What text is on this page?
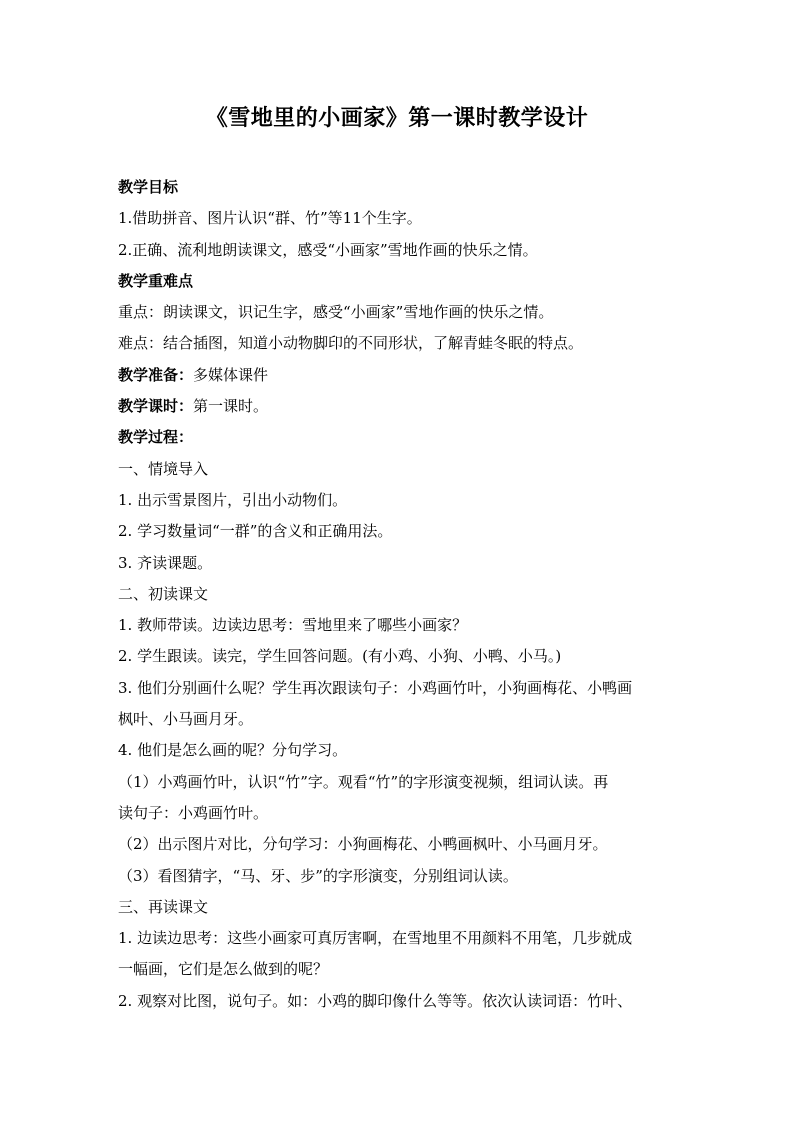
《雪地里的小画家》第一课时教学设计
教学目标
1.借助拼音、图片认识“群、竹”等11个生字。
2.正确、流利地朗读课文，感受“小画家”雪地作画的快乐之情。
教学重难点
重点：朗读课文，识记生字，感受“小画家”雪地作画的快乐之情。
难点：结合插图，知道小动物脚印的不同形状，了解青蛙冬眠的特点。
教学准备：多媒体课件
教学课时：第一课时。
教学过程：
一、情境导入
1. 出示雪景图片，引出小动物们。
2. 学习数量词“一群”的含义和正确用法。
3. 齐读课题。
二、初读课文
1. 教师带读。边读边思考：雪地里来了哪些小画家？
2. 学生跟读。读完，学生回答问题。(有小鸡、小狗、小鸭、小马。)
3. 他们分别画什么呢？学生再次跟读句子：小鸡画竹叶，小狗画梅花、小鸭画
枫叶、小马画月牙。
4. 他们是怎么画的呢？分句学习。
（1）小鸡画竹叶，认识“竹”字。观看“竹”的字形演变视频，组词认读。再
读句子：小鸡画竹叶。
（2）出示图片对比，分句学习：小狗画梅花、小鸭画枫叶、小马画月牙。
（3）看图猜字，“马、牙、步”的字形演变，分别组词认读。
三、再读课文
1. 边读边思考：这些小画家可真厉害啊，在雪地里不用颜料不用笔，几步就成
一幅画，它们是怎么做到的呢？
2. 观察对比图，说句子。如：小鸡的脚印像什么等等。依次认读词语：竹叶、
